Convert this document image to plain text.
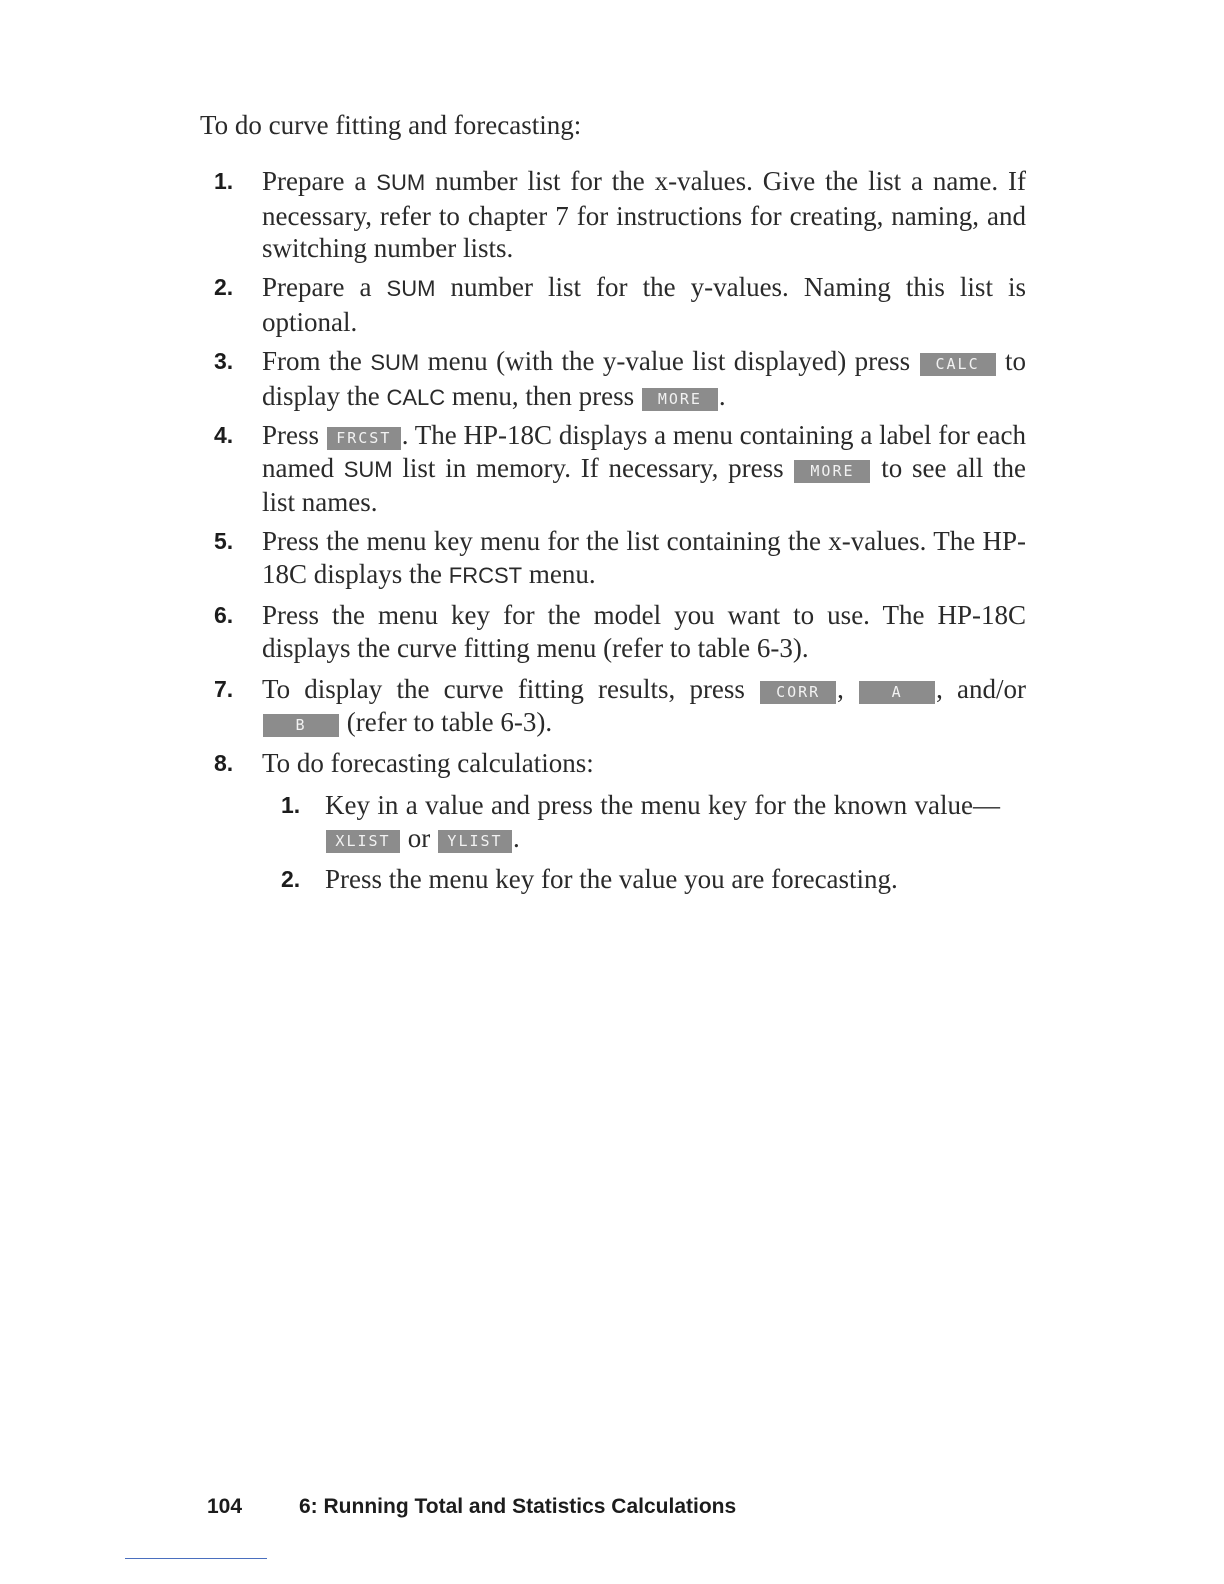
To do curve fitting and forecasting:

1. Prepare a SUM number list for the x-values. Give the list a name. If necessary, refer to chapter 7 for instructions for creating, naming, and switching number lists.
2. Prepare a SUM number list for the y-values. Naming this list is optional.
3. From the SUM menu (with the y-value list displayed) press CALC to display the CALC menu, then press MORE .
4. Press FRCST . The HP-18C displays a menu containing a label for each named SUM list in memory. If necessary, press MORE to see all the list names.
5. Press the menu key menu for the list containing the x-values. The HP-18C displays the FRCST menu.
6. Press the menu key for the model you want to use. The HP-18C displays the curve fitting menu (refer to table 6-3).
7. To display the curve fitting results, press CORR , A , and/or B (refer to table 6-3).
8. To do forecasting calculations:
1. Key in a value and press the menu key for the known value— XLIST or YLIST .
2. Press the menu key for the value you are forecasting.
104	6: Running Total and Statistics Calculations
